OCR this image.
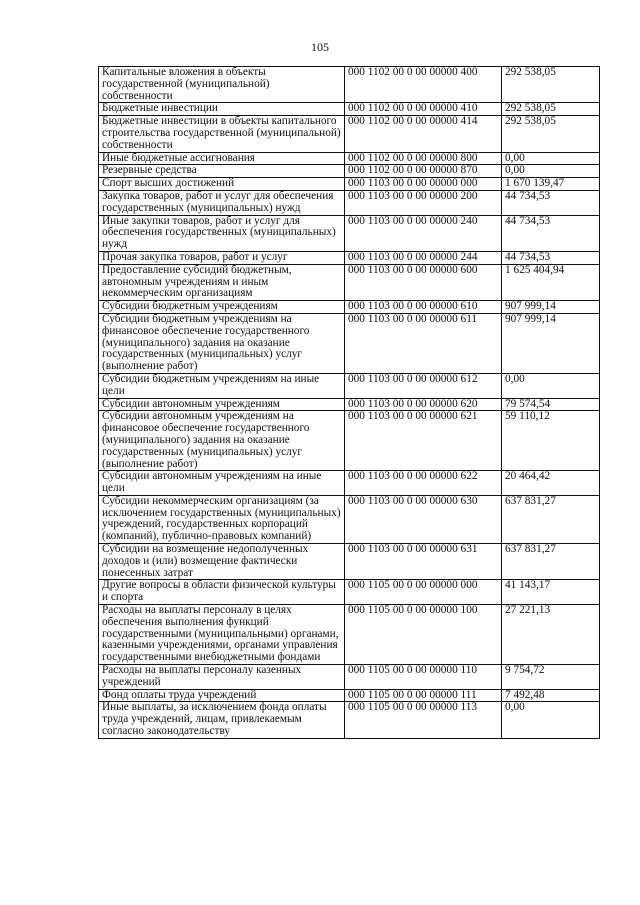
105
Капитальные вложения в объекты государственной (муниципальной) собственности	000 1102 00 0 00 00000 400	292 538,05
Бюджетные инвестиции	000 1102 00 0 00 00000 410	292 538,05
Бюджетные инвестиции в объекты капитального строительства государственной (муниципальной) собственности	000 1102 00 0 00 00000 414	292 538,05
Иные бюджетные ассигнования	000 1102 00 0 00 00000 800	0,00
Резервные средства	000 1102 00 0 00 00000 870	0,00
Спорт высших достижений	000 1103 00 0 00 00000 000	1 670 139,47
Закупка товаров, работ и услуг для обеспечения государственных (муниципальных) нужд	000 1103 00 0 00 00000 200	44 734,53
Иные закупки товаров, работ и услуг для обеспечения государственных (муниципальных) нужд	000 1103 00 0 00 00000 240	44 734,53
Прочая закупка товаров, работ и услуг	000 1103 00 0 00 00000 244	44 734,53
Предоставление субсидий бюджетным, автономным учреждениям и иным некоммерческим организациям	000 1103 00 0 00 00000 600	1 625 404,94
Субсидии бюджетным учреждениям	000 1103 00 0 00 00000 610	907 999,14
Субсидии бюджетным учреждениям на финансовое обеспечение государственного (муниципального) задания на оказание государственных (муниципальных) услуг (выполнение работ)	000 1103 00 0 00 00000 611	907 999,14
Субсидии бюджетным учреждениям на иные цели	000 1103 00 0 00 00000 612	0,00
Субсидии автономным учреждениям	000 1103 00 0 00 00000 620	79 574,54
Субсидии автономным учреждениям на финансовое обеспечение государственного (муниципального) задания на оказание государственных (муниципальных) услуг (выполнение работ)	000 1103 00 0 00 00000 621	59 110,12
Субсидии автономным учреждениям на иные цели	000 1103 00 0 00 00000 622	20 464,42
Субсидии некоммерческим организациям (за исключением государственных (муниципальных) учреждений, государственных корпораций (компаний), публично-правовых компаний)	000 1103 00 0 00 00000 630	637 831,27
Субсидии на возмещение недополученных доходов и (или) возмещение фактически понесенных затрат	000 1103 00 0 00 00000 631	637 831,27
Другие вопросы в области физической культуры и спорта	000 1105 00 0 00 00000 000	41 143,17
Расходы на выплаты персоналу в целях обеспечения выполнения функций государственными (муниципальными) органами, казенными учреждениями, органами управления государственными внебюджетными фондами	000 1105 00 0 00 00000 100	27 221,13
Расходы на выплаты персоналу казенных учреждений	000 1105 00 0 00 00000 110	9 754,72
Фонд оплаты труда учреждений	000 1105 00 0 00 00000 111	7 492,48
Иные выплаты, за исключением фонда оплаты труда учреждений, лицам, привлекаемым согласно законодательству	000 1105 00 0 00 00000 113	0,00
